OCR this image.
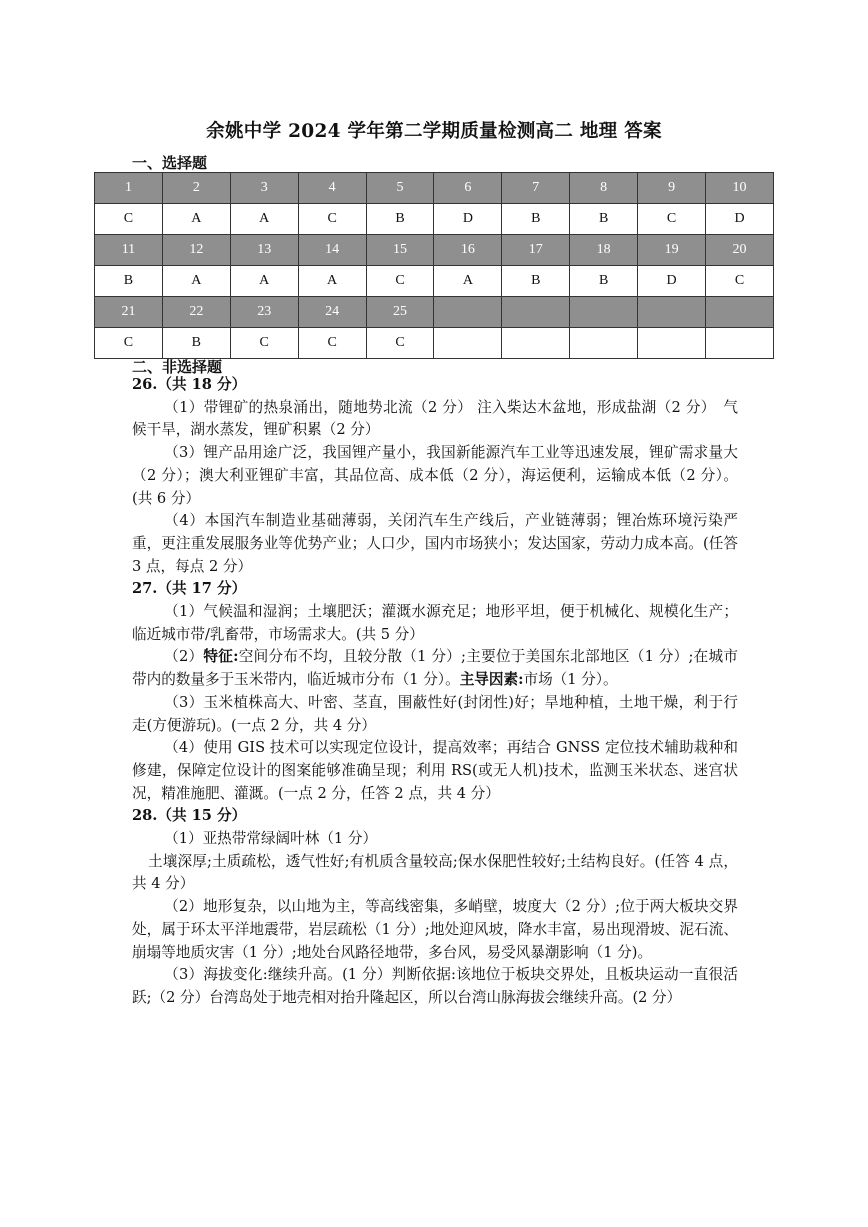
余姚中学 2024 学年第二学期质量检测高二 地理 答案
一、选择题
1	2	3	4	5	6	7	8	9	10
C	A	A	C	B	D	B	B	C	D
11	12	13	14	15	16	17	18	19	20
B	A	A	A	C	A	B	B	D	C
21	22	23	24	25					
C	B	C	C	C					
二、非选择题

26.（共 18 分）

（1）带锂矿的热泉涌出，随地势北流（2 分） 注入柴达木盆地，形成盐湖（2 分）　气候干旱，湖水蒸发，锂矿积累（2 分）

（3）锂产品用途广泛，我国锂产量小，我国新能源汽车工业等迅速发展，锂矿需求量大（2 分）；澳大利亚锂矿丰富，其品位高、成本低（2 分），海运便利，运输成本低（2 分）。(共 6 分）

（4）本国汽车制造业基础薄弱，关闭汽车生产线后，产业链薄弱；锂冶炼环境污染严重，更注重发展服务业等优势产业；人口少，国内市场狭小；发达国家，劳动力成本高。(任答 3 点，每点 2 分）

27.（共 17 分）

（1）气候温和湿润；土壤肥沃；灌溉水源充足；地形平坦，便于机械化、规模化生产；临近城市带/乳畜带，市场需求大。(共 5 分）

（2）特征:空间分布不均，且较分散（1 分）;主要位于美国东北部地区（1 分）;在城市带内的数量多于玉米带内，临近城市分布（1 分）。主导因素:市场（1 分）。

（3）玉米植株高大、叶密、茎直，围蔽性好(封闭性)好；旱地种植，土地干燥，利于行走(方便游玩)。(一点 2 分，共 4 分）

（4）使用 GIS 技术可以实现定位设计，提高效率；再结合 GNSS 定位技术辅助栽种和修建，保障定位设计的图案能够准确呈现；利用 RS(或无人机)技术，监测玉米状态、迷宫状况，精准施肥、灌溉。(一点 2 分，任答 2 点，共 4 分）

28.（共 15 分）

（1）亚热带常绿阔叶林（1 分）

土壤深厚;土质疏松，透气性好;有机质含量较高;保水保肥性较好;土结构良好。(任答 4 点，共 4 分）

（2）地形复杂，以山地为主，等高线密集，多峭壁，坡度大（2 分）;位于两大板块交界处，属于环太平洋地震带，岩层疏松（1 分）;地处迎风坡，降水丰富，易出现滑坡、泥石流、崩塌等地质灾害（1 分）;地处台风路径地带，多台风，易受风暴潮影响（1 分)。

（3）海拔变化:继续升高。(1 分）判断依据:该地位于板块交界处，且板块运动一直很活跃;（2 分）台湾岛处于地壳相对抬升隆起区，所以台湾山脉海拔会继续升高。(2 分）
